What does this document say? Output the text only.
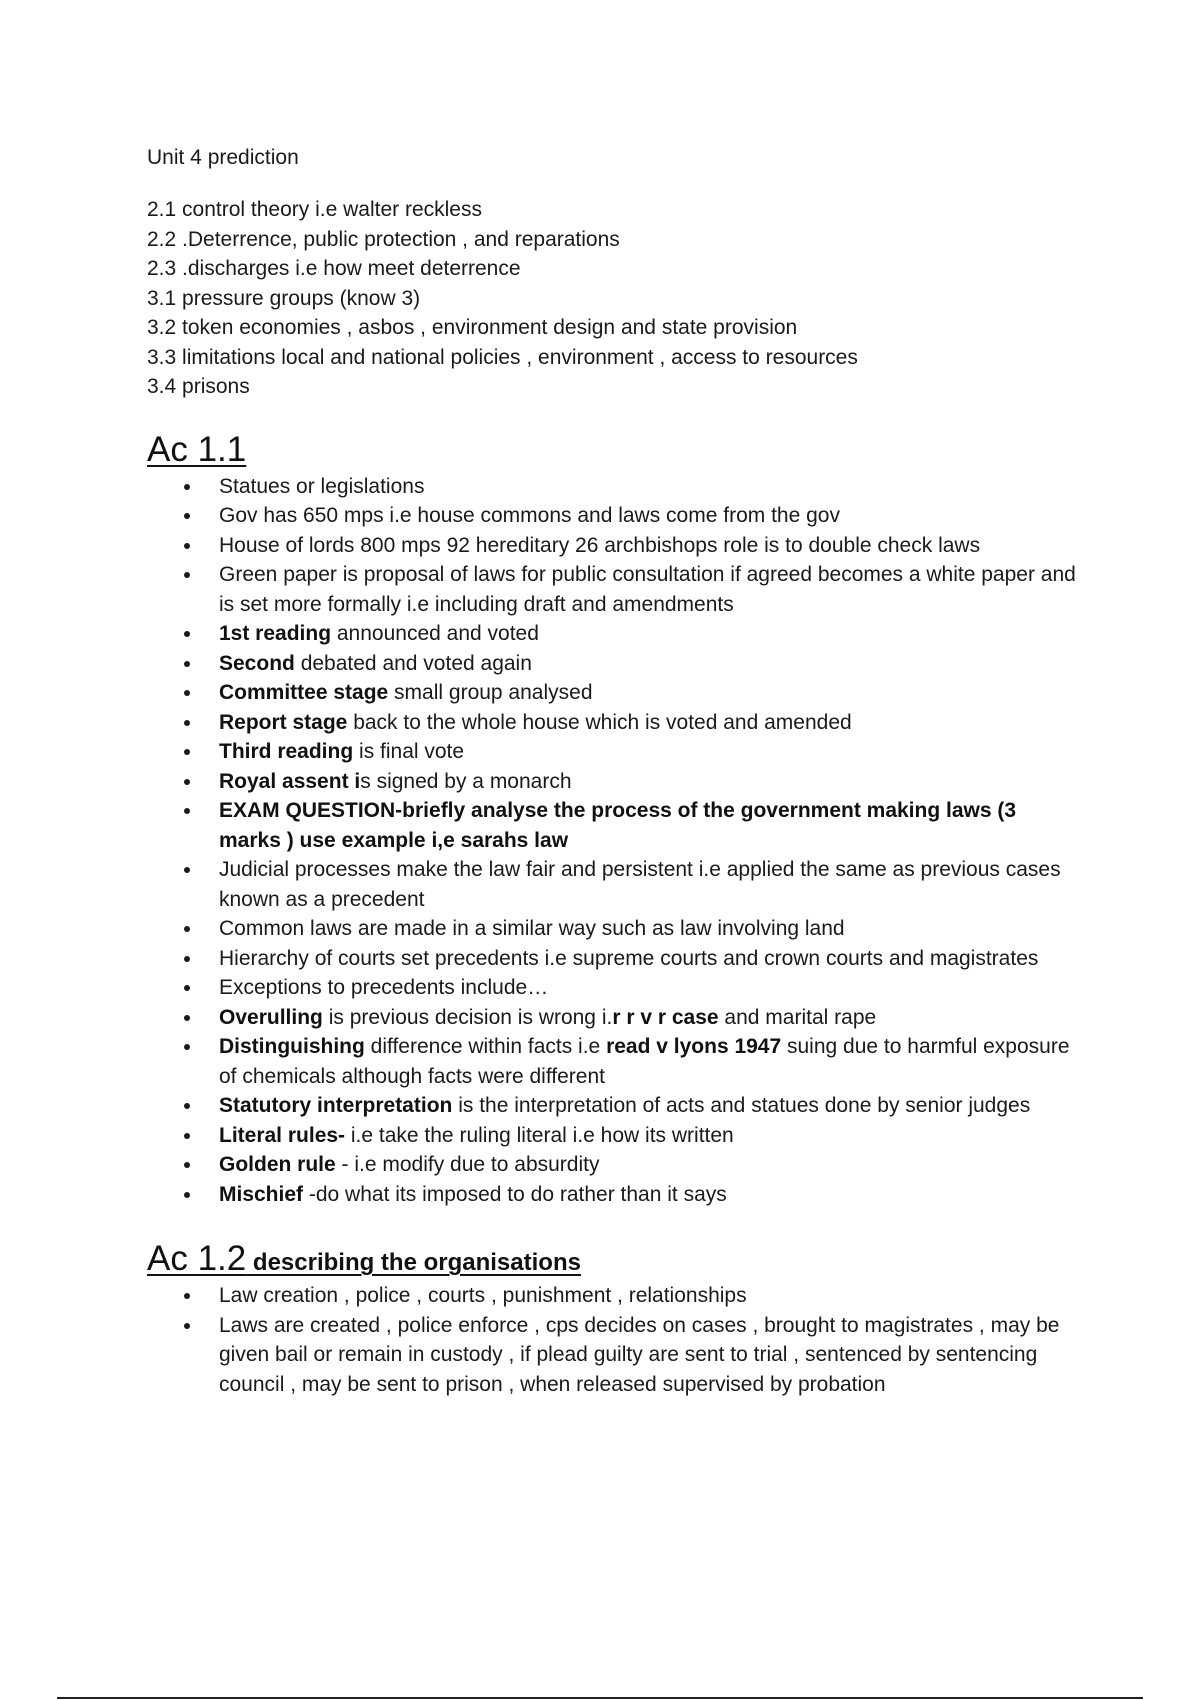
Unit 4 prediction

2.1 control theory i.e walter reckless
2.2 .Deterrence, public protection , and reparations
2.3 .discharges i.e how meet deterrence
3.1 pressure groups (know 3)
3.2 token economies , asbos , environment design and state provision
3.3 limitations local and national policies , environment , access to resources
3.4 prisons
Ac 1.1
Statues or legislations
Gov has 650 mps i.e house commons and laws come from the gov
House of lords 800 mps 92 hereditary 26 archbishops role is to double check laws
Green paper is proposal of laws for public consultation if agreed becomes a white paper and is set more formally i.e including draft and amendments
1st reading announced and voted
Second debated and voted again
Committee stage small group analysed
Report stage back to the whole house which is voted and amended
Third reading is final vote
Royal assent is signed by a monarch
EXAM QUESTION-briefly analyse the process of the government making laws (3 marks ) use example i,e sarahs law
Judicial processes make the law fair and persistent i.e applied the same as previous cases known as a precedent
Common laws are made in a similar way such as law involving land
Hierarchy of courts set precedents i.e supreme courts and crown courts and magistrates
Exceptions to precedents include…
Overulling is previous decision is wrong i.r r v r case and marital rape
Distinguishing difference within facts i.e read v lyons 1947 suing due to harmful exposure of chemicals although facts were different
Statutory interpretation is the interpretation of acts and statues done by senior judges
Literal rules- i.e take the ruling literal i.e how its written
Golden rule - i.e modify due to absurdity
Mischief -do what its imposed to do rather than it says
Ac 1.2 describing the organisations
Law creation , police , courts , punishment , relationships
Laws are created , police enforce , cps decides on cases , brought to magistrates , may be given bail or remain in custody , if plead guilty are sent to trial , sentenced by sentencing council , may be sent to prison , when released supervised by probation
